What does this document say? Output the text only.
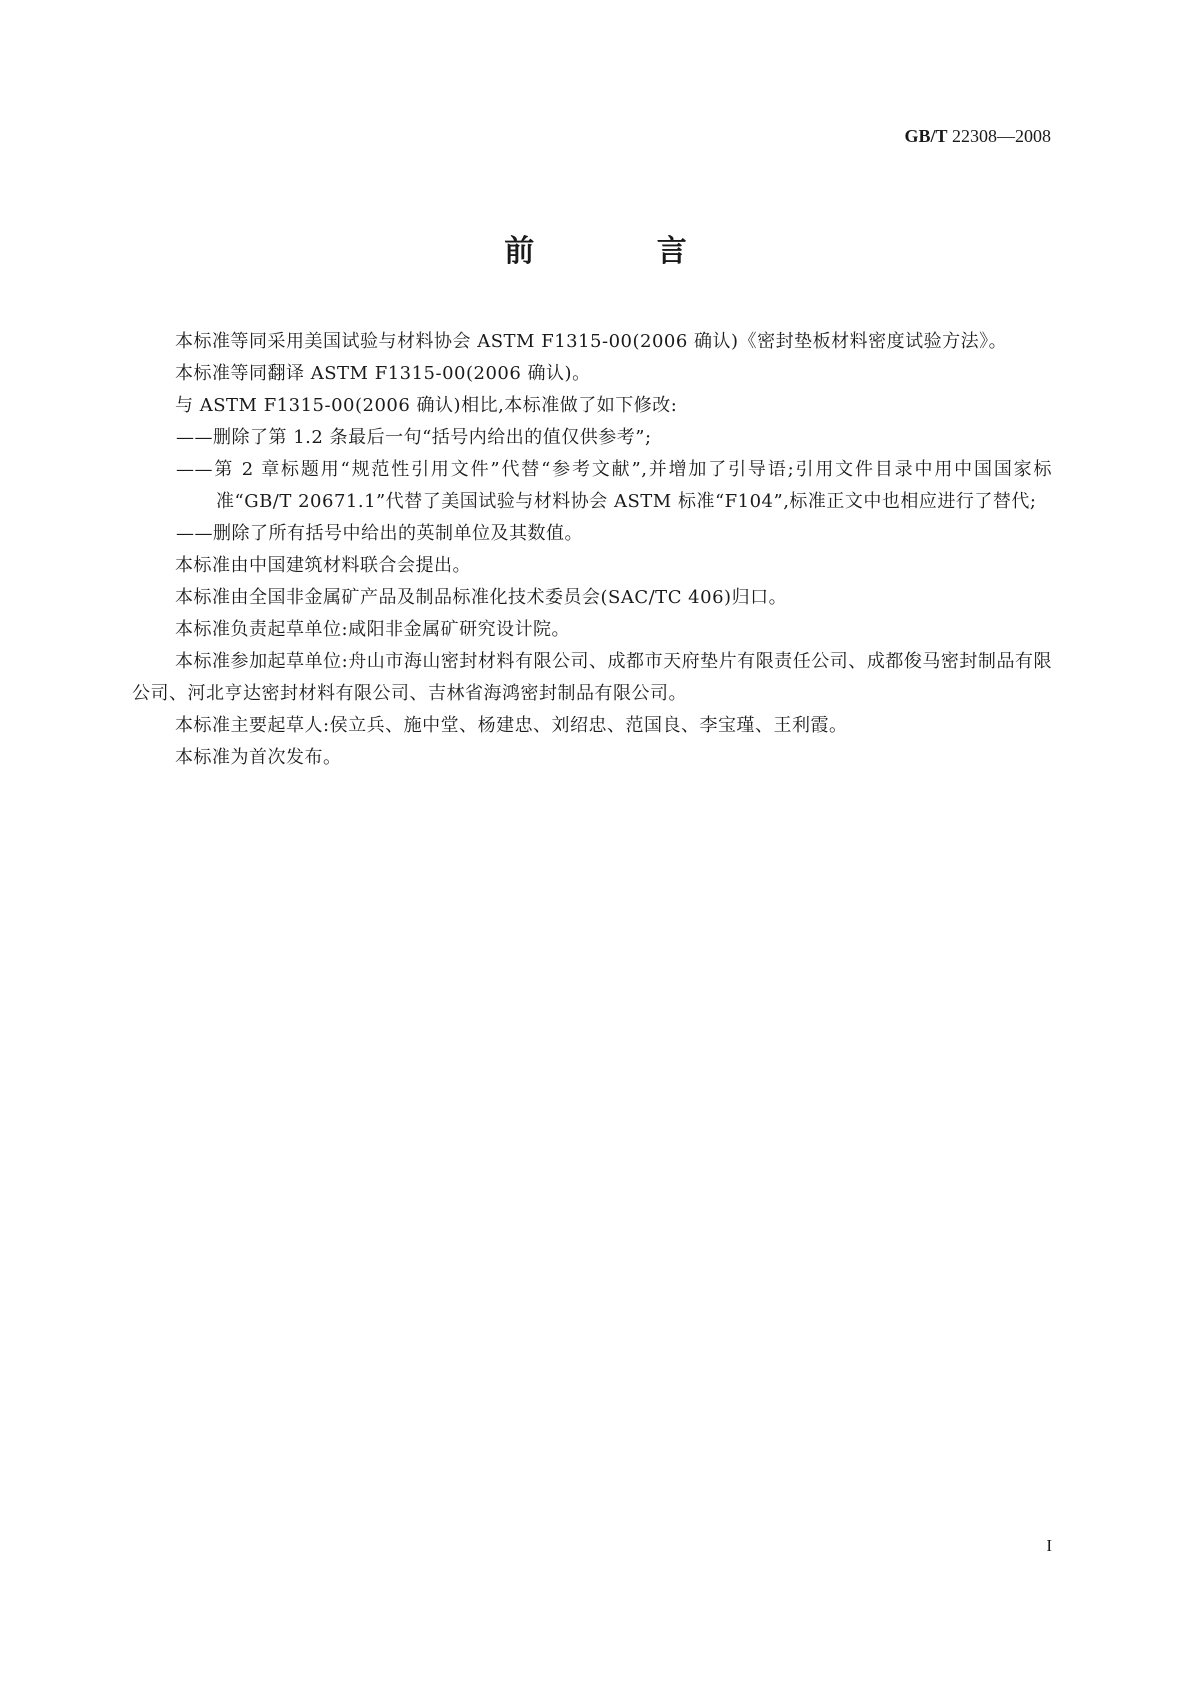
GB/T 22308—2008
前 言

本标准等同采用美国试验与材料协会 ASTM F1315-00(2006 确认)《密封垫板材料密度试验方法》。

本标准等同翻译 ASTM F1315-00(2006 确认)。

与 ASTM F1315-00(2006 确认)相比,本标准做了如下修改:

——删除了第 1.2 条最后一句“括号内给出的值仅供参考”;

——第 2 章标题用“规范性引用文件”代替“参考文献”,并增加了引导语;引用文件目录中用中国国家标准“GB/T 20671.1”代替了美国试验与材料协会 ASTM 标准“F104”,标准正文中也相应进行了替代;

——删除了所有括号中给出的英制单位及其数值。

本标准由中国建筑材料联合会提出。

本标准由全国非金属矿产品及制品标准化技术委员会(SAC/TC 406)归口。

本标准负责起草单位:咸阳非金属矿研究设计院。

本标准参加起草单位:舟山市海山密封材料有限公司、成都市天府垫片有限责任公司、成都俊马密封制品有限公司、河北亨达密封材料有限公司、吉林省海鸿密封制品有限公司。

本标准主要起草人:侯立兵、施中堂、杨建忠、刘绍忠、范国良、李宝瑾、王利霞。

本标准为首次发布。

I
